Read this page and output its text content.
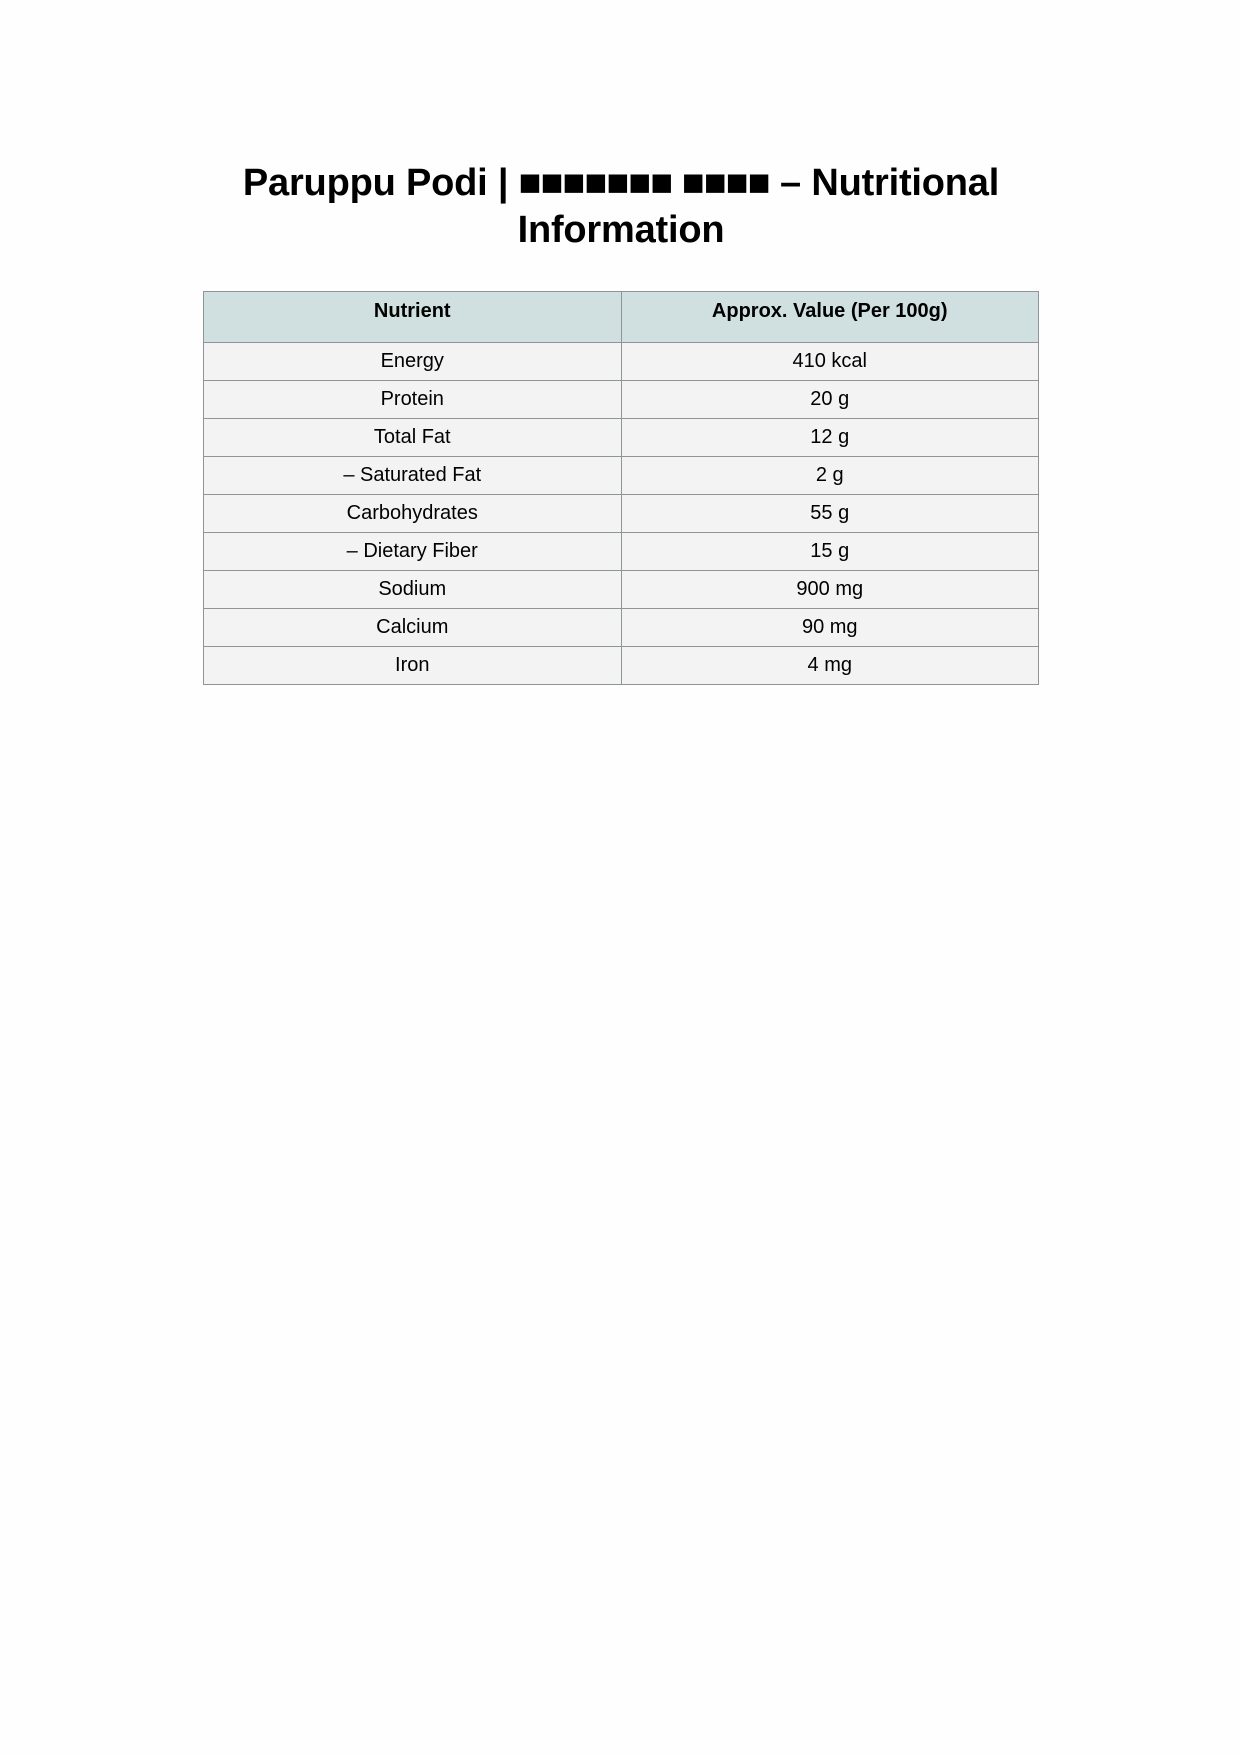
Paruppu Podi | ■■■■■■■ ■■■■ – Nutritional Information
Nutrient	Approx. Value (Per 100g)
Energy	410 kcal
Protein	20 g
Total Fat	12 g
– Saturated Fat	2 g
Carbohydrates	55 g
– Dietary Fiber	15 g
Sodium	900 mg
Calcium	90 mg
Iron	4 mg
